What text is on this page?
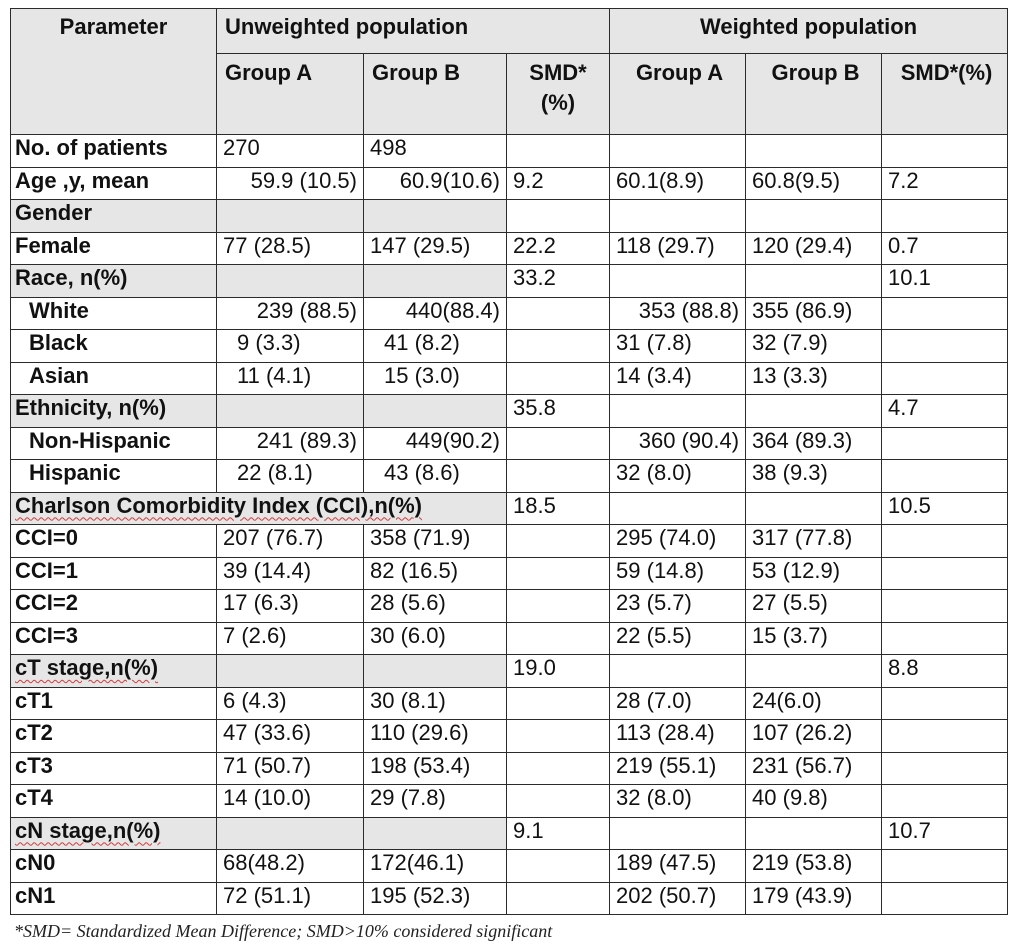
Parameter	Unweighted population			Weighted population		
	Group A	Group B	SMD* (%)	Group A	Group B	SMD*(%)
No. of patients	270	498				
Age ,y, mean	59.9 (10.5)	60.9(10.6)	9.2	60.1(8.9)	60.8(9.5)	7.2
Gender						
Female	77 (28.5)	147 (29.5)	22.2	118 (29.7)	120 (29.4)	0.7
Race, n(%)			33.2			10.1
White	239 (88.5)	440(88.4)		353 (88.8)	355 (86.9)	
Black	9 (3.3)	41 (8.2)		31 (7.8)	32 (7.9)	
Asian	11 (4.1)	15 (3.0)		14 (3.4)	13 (3.3)	
Ethnicity, n(%)			35.8			4.7
Non-Hispanic	241 (89.3)	449(90.2)		360 (90.4)	364 (89.3)	
Hispanic	22 (8.1)	43 (8.6)		32 (8.0)	38 (9.3)	
Charlson Comorbidity Index (CCI),n(%)			18.5			10.5
CCI=0	207 (76.7)	358 (71.9)		295 (74.0)	317 (77.8)	
CCI=1	39 (14.4)	82 (16.5)		59 (14.8)	53 (12.9)	
CCI=2	17 (6.3)	28 (5.6)		23 (5.7)	27 (5.5)	
CCI=3	7 (2.6)	30 (6.0)		22 (5.5)	15 (3.7)	
cT stage,n(%)			19.0			8.8
cT1	6 (4.3)	30 (8.1)		28 (7.0)	24(6.0)	
cT2	47 (33.6)	110 (29.6)		113 (28.4)	107 (26.2)	
cT3	71 (50.7)	198 (53.4)		219 (55.1)	231 (56.7)	
cT4	14 (10.0)	29 (7.8)		32 (8.0)	40 (9.8)	
cN stage,n(%)			9.1			10.7
cN0	68(48.2)	172(46.1)		189 (47.5)	219 (53.8)	
cN1	72 (51.1)	195 (52.3)		202 (50.7)	179 (43.9)	
*SMD= Standardized Mean Difference; SMD>10% considered significant
